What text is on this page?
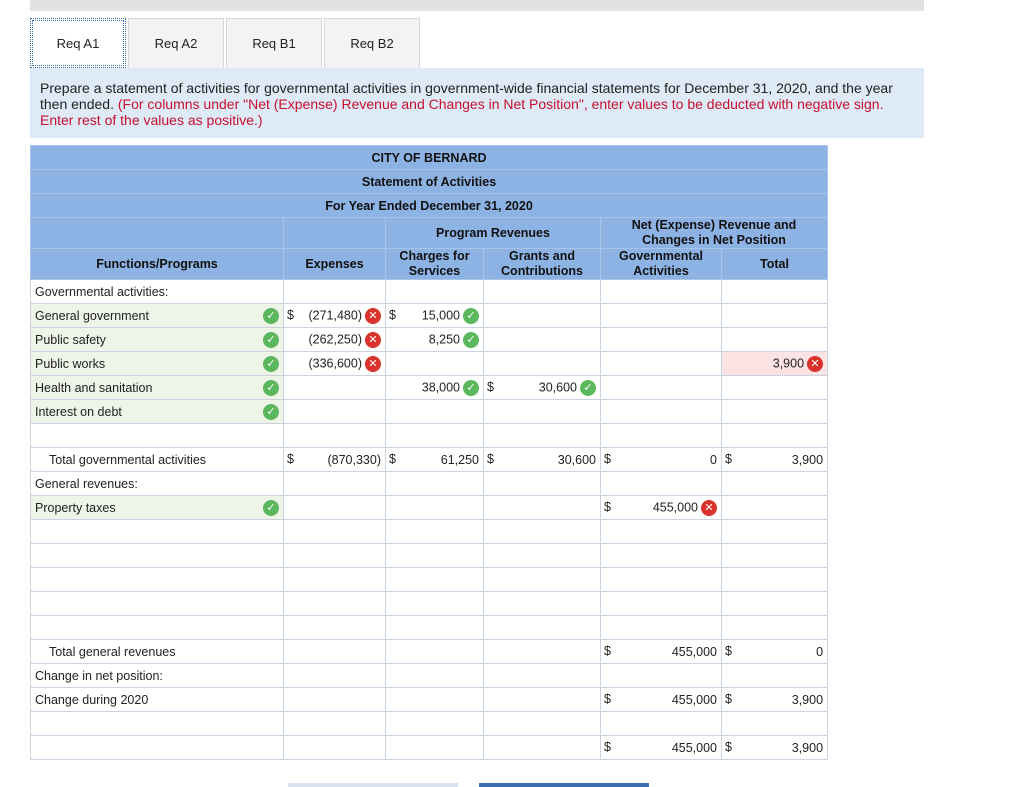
Req A1	Req A2	Req B1	Req B2
Prepare a statement of activities for governmental activities in government-wide financial statements for December 31, 2020, and the year then ended. (For columns under "Net (Expense) Revenue and Changes in Net Position", enter values to be deducted with negative sign. Enter rest of the values as positive.)
CITY OF BERNARD					
Statement of Activities					
For Year Ended December 31, 2020					
		Program Revenues		Net (Expense) Revenue and Changes in Net Position	
Functions/Programs	Expenses	Charges for Services	Grants and Contributions	Governmental Activities	Total
Governmental activities:					
General government ✓	$ (271,480) ✕	$ 15,000 ✓			
Public safety ✓	(262,250) ✕	8,250 ✓			
Public works ✓	(336,600) ✕				3,900 ✕
Health and sanitation ✓		38,000 ✓	$ 30,600 ✓		
Interest on debt ✓					

Total governmental activities	$ (870,330)	$ 61,250	$ 30,600	$ 0	$ 3,900
General revenues:					
Property taxes ✓				$ 455,000 ✕	

Total general revenues				$ 455,000	$ 0
Change in net position:					
Change during 2020				$ 455,000	$ 3,900

				$ 455,000	$ 3,900
